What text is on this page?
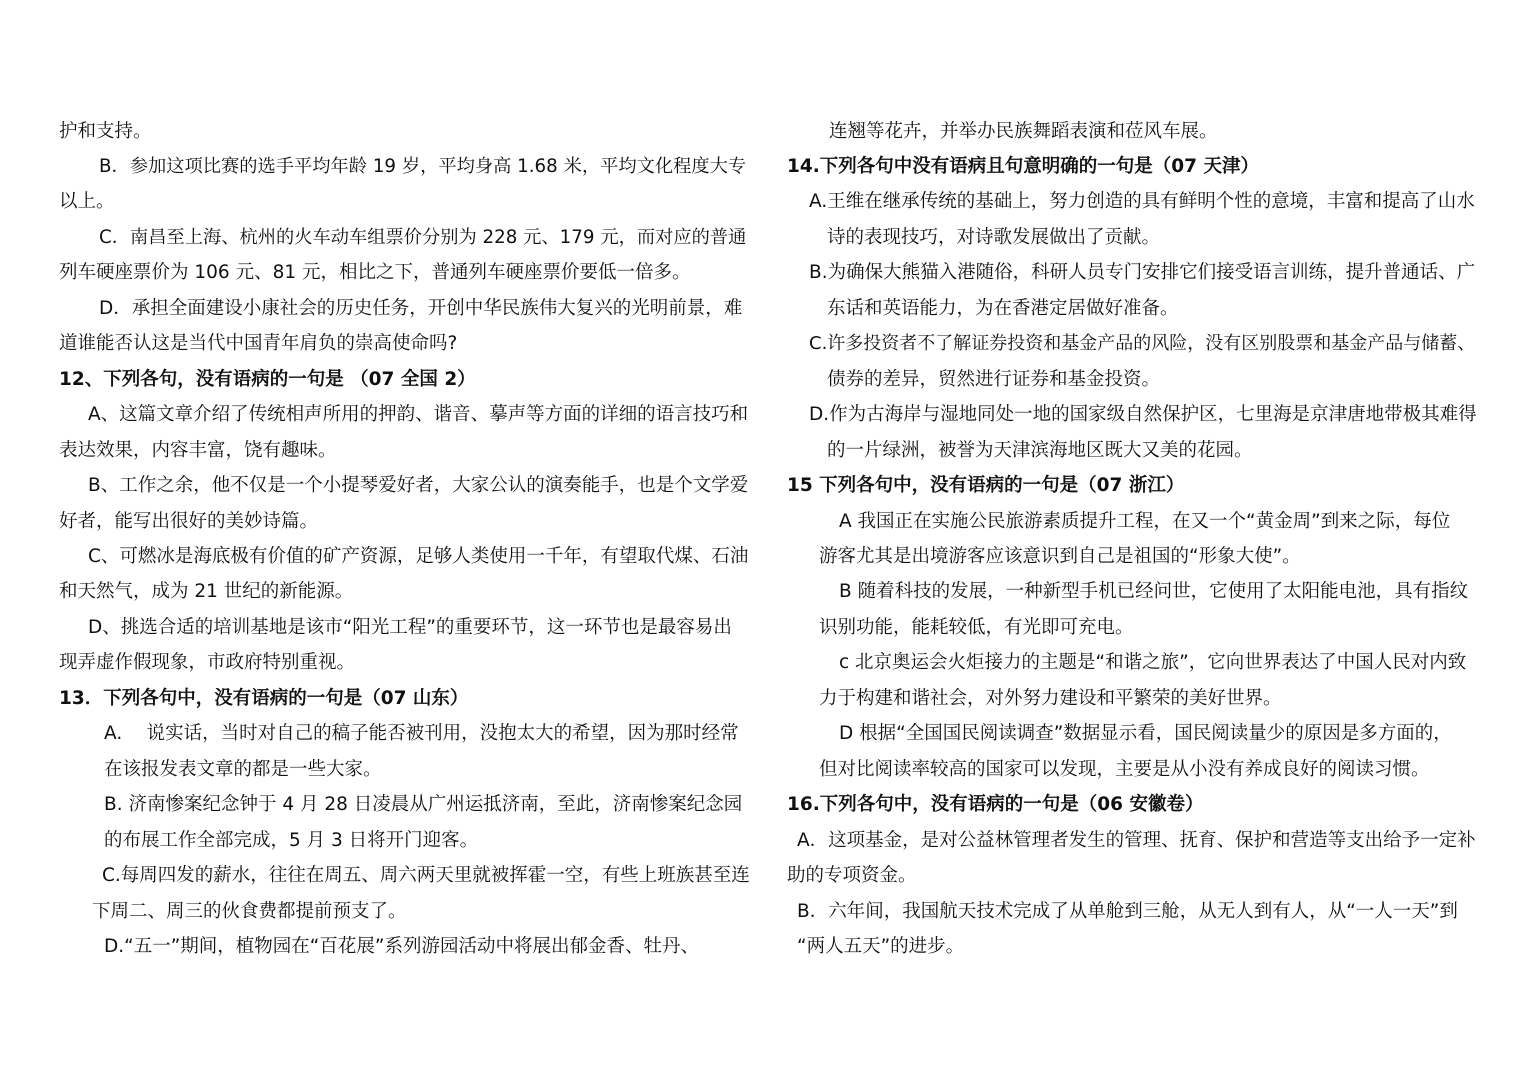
护和支持。
B．参加这项比赛的选手平均年龄 19 岁，平均身高 1.68 米，平均文化程度大专
以上。
C．南昌至上海、杭州的火车动车组票价分别为 228 元、179 元，而对应的普通
列车硬座票价为 106 元、81 元，相比之下，普通列车硬座票价要低一倍多。
D．承担全面建设小康社会的历史任务，开创中华民族伟大复兴的光明前景，难
道谁能否认这是当代中国青年肩负的崇高使命吗?
12、下列各句，没有语病的一句是 （07 全国 2）
A、这篇文章介绍了传统相声所用的押韵、谐音、摹声等方面的详细的语言技巧和
表达效果，内容丰富，饶有趣味。
B、工作之余，他不仅是一个小提琴爱好者，大家公认的演奏能手，也是个文学爱
好者，能写出很好的美妙诗篇。
C、可燃冰是海底极有价值的矿产资源，足够人类使用一千年，有望取代煤、石油
和天然气，成为 21 世纪的新能源。
D、挑选合适的培训基地是该市“阳光工程”的重要环节，这一环节也是最容易出
现弄虚作假现象，市政府特别重视。
13．下列各句中，没有语病的一句是（07 山东）
A.　 说实话，当时对自己的稿子能否被刊用，没抱太大的希望，因为那时经常
在该报发表文章的都是一些大家。
B. 济南惨案纪念钟于 4 月 28 日凌晨从广州运抵济南，至此，济南惨案纪念园
的布展工作全部完成，5 月 3 日将开门迎客。
C.每周四发的薪水，往往在周五、周六两天里就被挥霍一空，有些上班族甚至连
下周二、周三的伙食费都提前预支了。
D.“五一”期间，植物园在“百花展”系列游园活动中将展出郁金香、牡丹、
连翘等花卉，并举办民族舞蹈表演和莅风车展。
14.下列各句中没有语病且句意明确的一句是（07 天津）
A.王维在继承传统的基础上，努力创造的具有鲜明个性的意境，丰富和提高了山水
诗的表现技巧，对诗歌发展做出了贡献。
B.为确保大熊猫入港随俗，科研人员专门安排它们接受语言训练，提升普通话、广
东话和英语能力，为在香港定居做好准备。
C.许多投资者不了解证券投资和基金产品的风险，没有区别股票和基金产品与储蓄、
债券的差异，贸然进行证券和基金投资。
D.作为古海岸与湿地同处一地的国家级自然保护区，七里海是京津唐地带极其难得
的一片绿洲，被誉为天津滨海地区既大又美的花园。
15 下列各句中，没有语病的一句是（07 浙江）
A 我国正在实施公民旅游素质提升工程，在又一个“黄金周”到来之际，每位
游客尤其是出境游客应该意识到自己是祖国的“形象大使”。
B 随着科技的发展，一种新型手机已经问世，它使用了太阳能电池，具有指纹
识别功能，能耗较低，有光即可充电。
c 北京奥运会火炬接力的主题是“和谐之旅”，它向世界表达了中国人民对内致
力于构建和谐社会，对外努力建设和平繁荣的美好世界。
D 根据“全国国民阅读调查”数据显示看，国民阅读量少的原因是多方面的，
但对比阅读率较高的国家可以发现，主要是从小没有养成良好的阅读习惯。
16.下列各句中，没有语病的一句是（06 安徽卷）
A．这项基金，是对公益林管理者发生的管理、抚育、保护和营造等支出给予一定补
助的专项资金。
B．六年间，我国航天技术完成了从单舱到三舱，从无人到有人，从“一人一天”到
“两人五天”的进步。
